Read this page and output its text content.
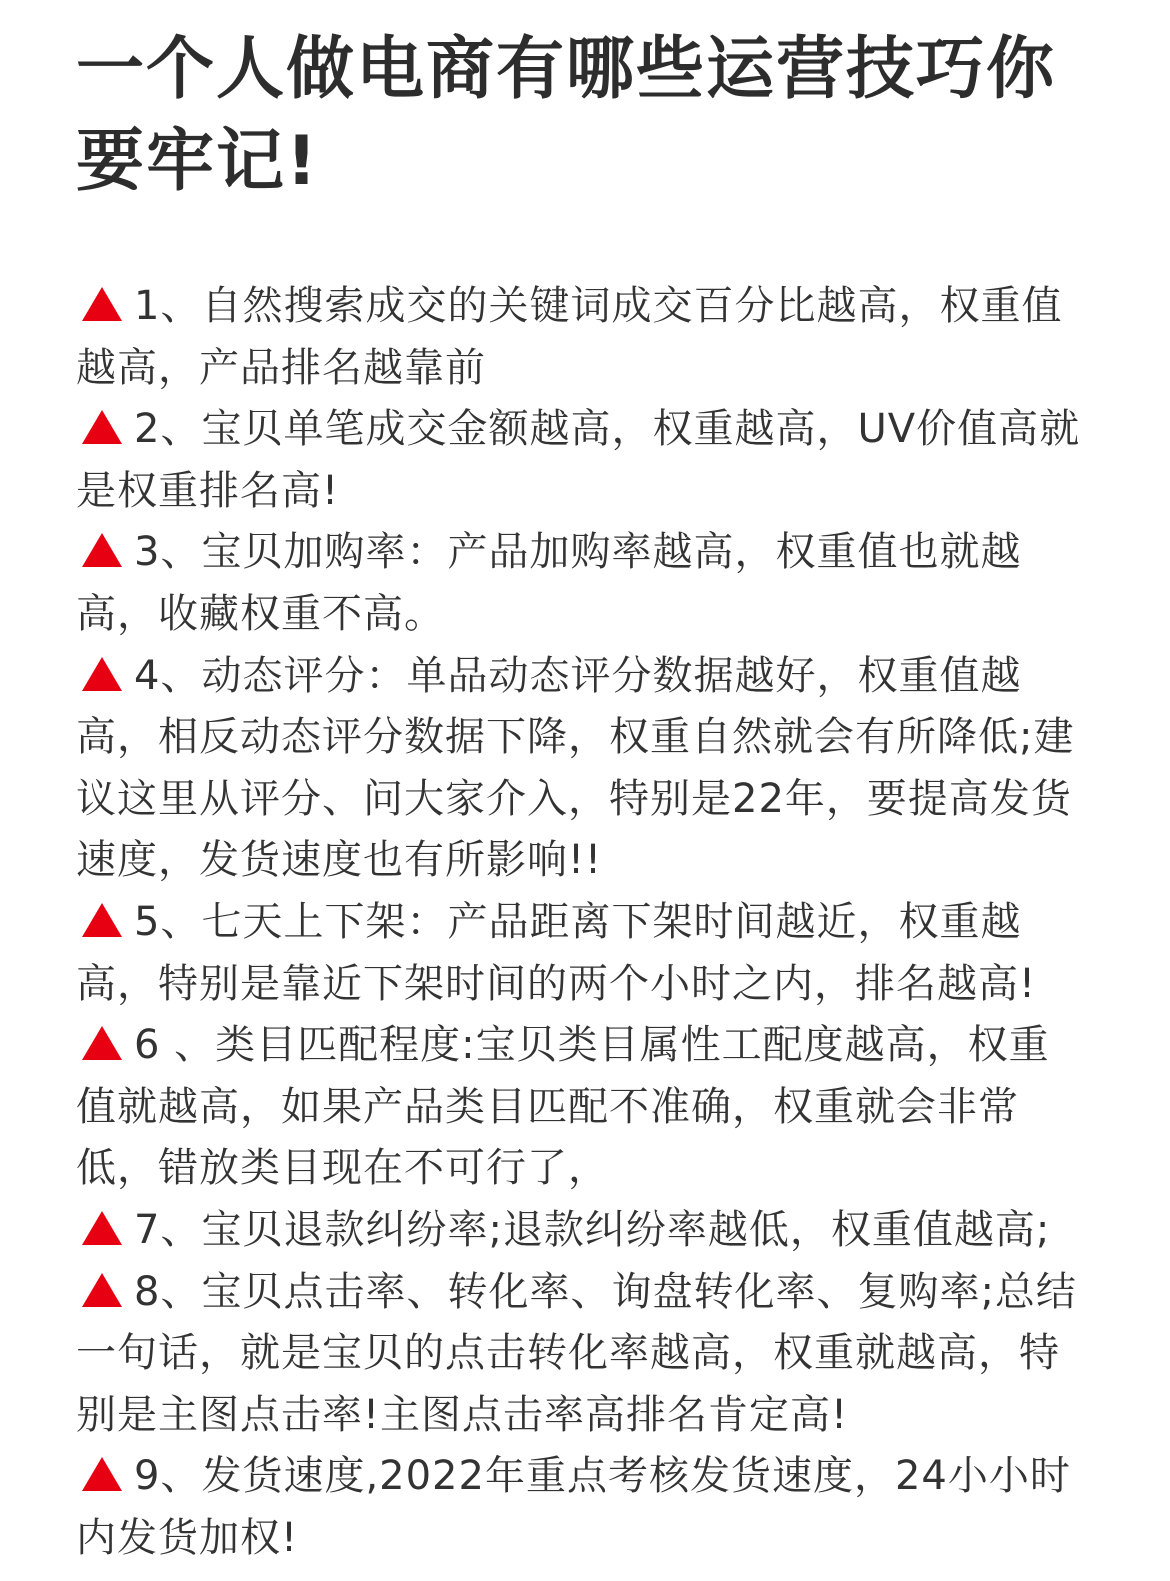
一个人做电商有哪些运营技巧你要牢记!

1、自然搜索成交的关键词成交百分比越高，权重值越高，产品排名越靠前

2、宝贝单笔成交金额越高，权重越高，UV价值高就是权重排名高!

3、宝贝加购率：产品加购率越高，权重值也就越高，收藏权重不高。

4、动态评分：单品动态评分数据越好，权重值越高，相反动态评分数据下降，权重自然就会有所降低;建议这里从评分、问大家介入，特别是22年，要提高发货速度，发货速度也有所影响!!

5、七天上下架：产品距离下架时间越近，权重越高，特别是靠近下架时间的两个小时之内，排名越高!

6 、类目匹配程度:宝贝类目属性工配度越高，权重值就越高，如果产品类目匹配不准确，权重就会非常低，错放类目现在不可行了，

7、宝贝退款纠纷率;退款纠纷率越低，权重值越高;

8、宝贝点击率、转化率、询盘转化率、复购率;总结一句话，就是宝贝的点击转化率越高，权重就越高，特别是主图点击率!主图点击率高排名肯定高!

9、发货速度,2022年重点考核发货速度，24小小时内发货加权!
